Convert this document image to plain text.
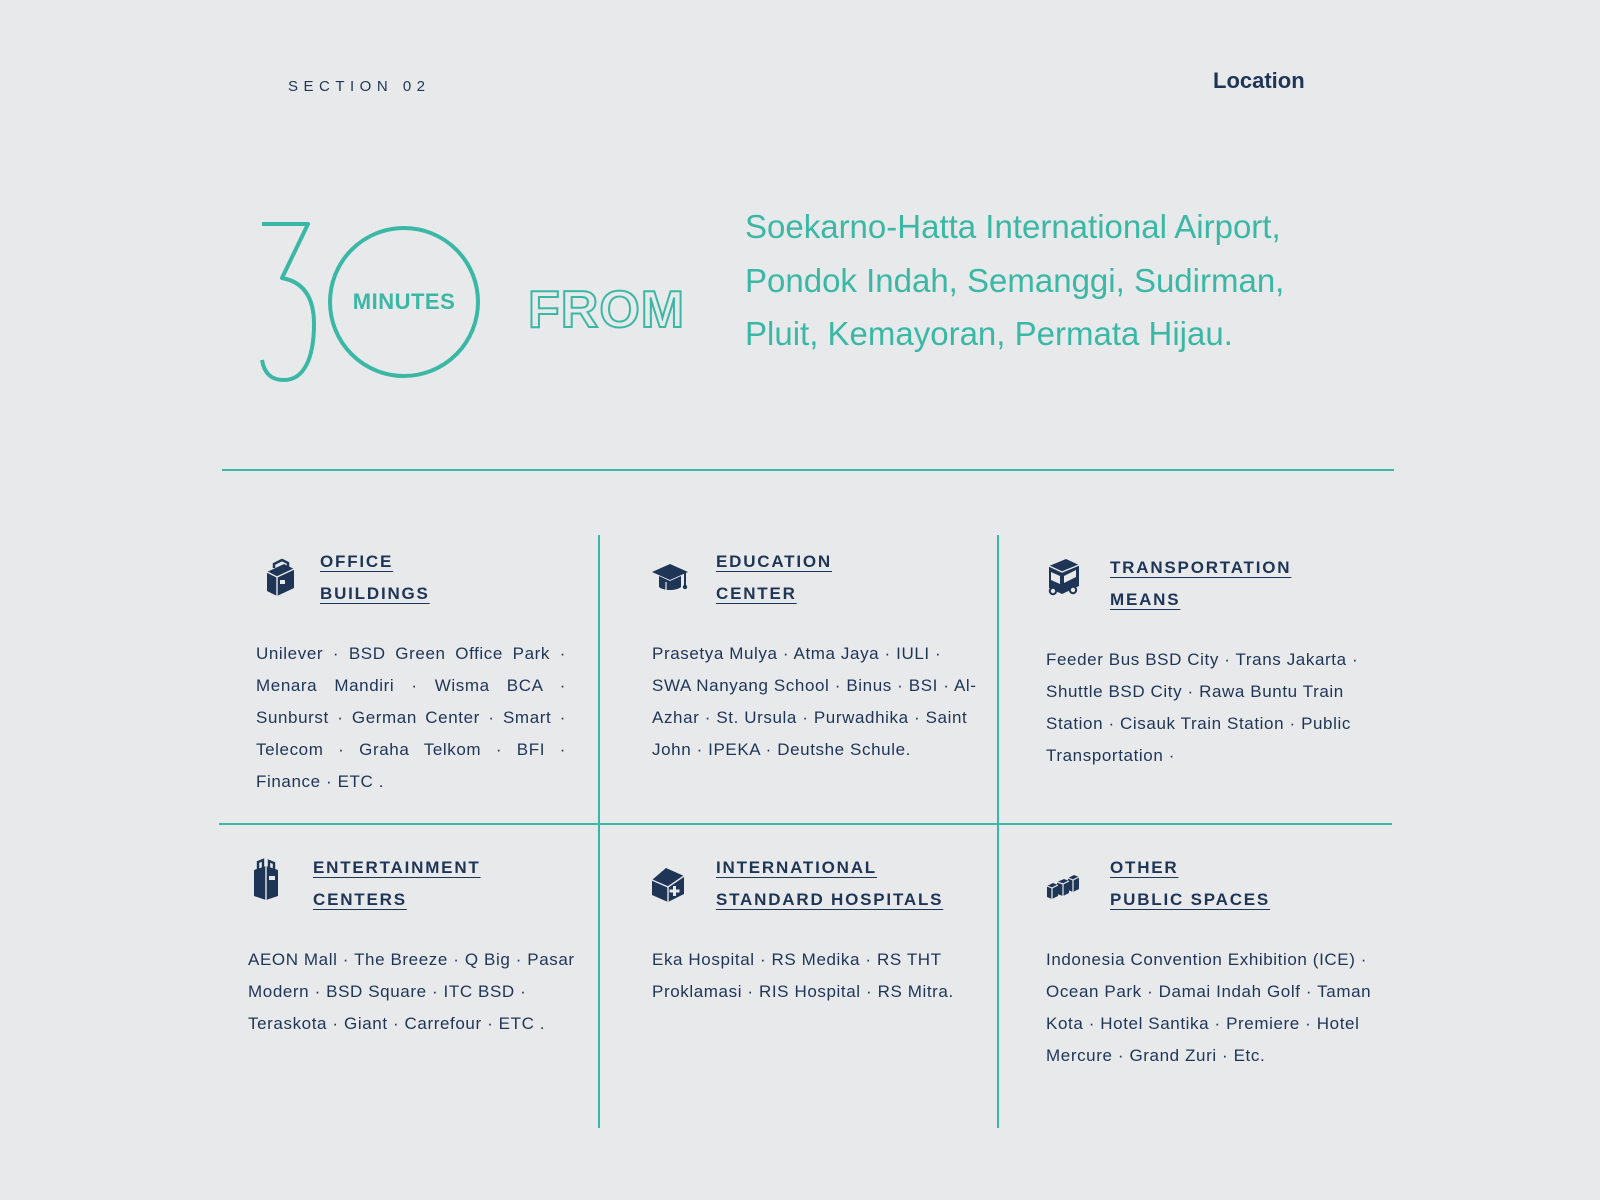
SECTION 02	Location
MINUTES FROM
Soekarno-Hatta International Airport, Pondok Indah, Semanggi, Sudirman, Pluit, Kemayoran, Permata Hijau.
OFFICE
BUILDINGS
Unilever · BSD Green Office Park · Menara Mandiri · Wisma BCA · Sunburst · German Center · Smart · Telecom · Graha Telkom · BFI · Finance · ETC .
EDUCATION
CENTER
Prasetya Mulya · Atma Jaya · IULI · SWA Nanyang School · Binus · BSI · Al-Azhar · St. Ursula · Purwadhika · Saint John · IPEKA · Deutshe Schule.
TRANSPORTATION
MEANS
Feeder Bus BSD City · Trans Jakarta · Shuttle BSD City · Rawa Buntu Train Station · Cisauk Train Station · Public Transportation ·
ENTERTAINMENT
CENTERS
AEON Mall · The Breeze · Q Big · Pasar Modern · BSD Square · ITC BSD · Teraskota · Giant · Carrefour · ETC .
INTERNATIONAL
STANDARD HOSPITALS
Eka Hospital · RS Medika · RS THT Proklamasi · RIS Hospital · RS Mitra.
OTHER
PUBLIC SPACES
Indonesia Convention Exhibition (ICE) · Ocean Park · Damai Indah Golf · Taman Kota · Hotel Santika · Premiere · Hotel Mercure · Grand Zuri · Etc.
